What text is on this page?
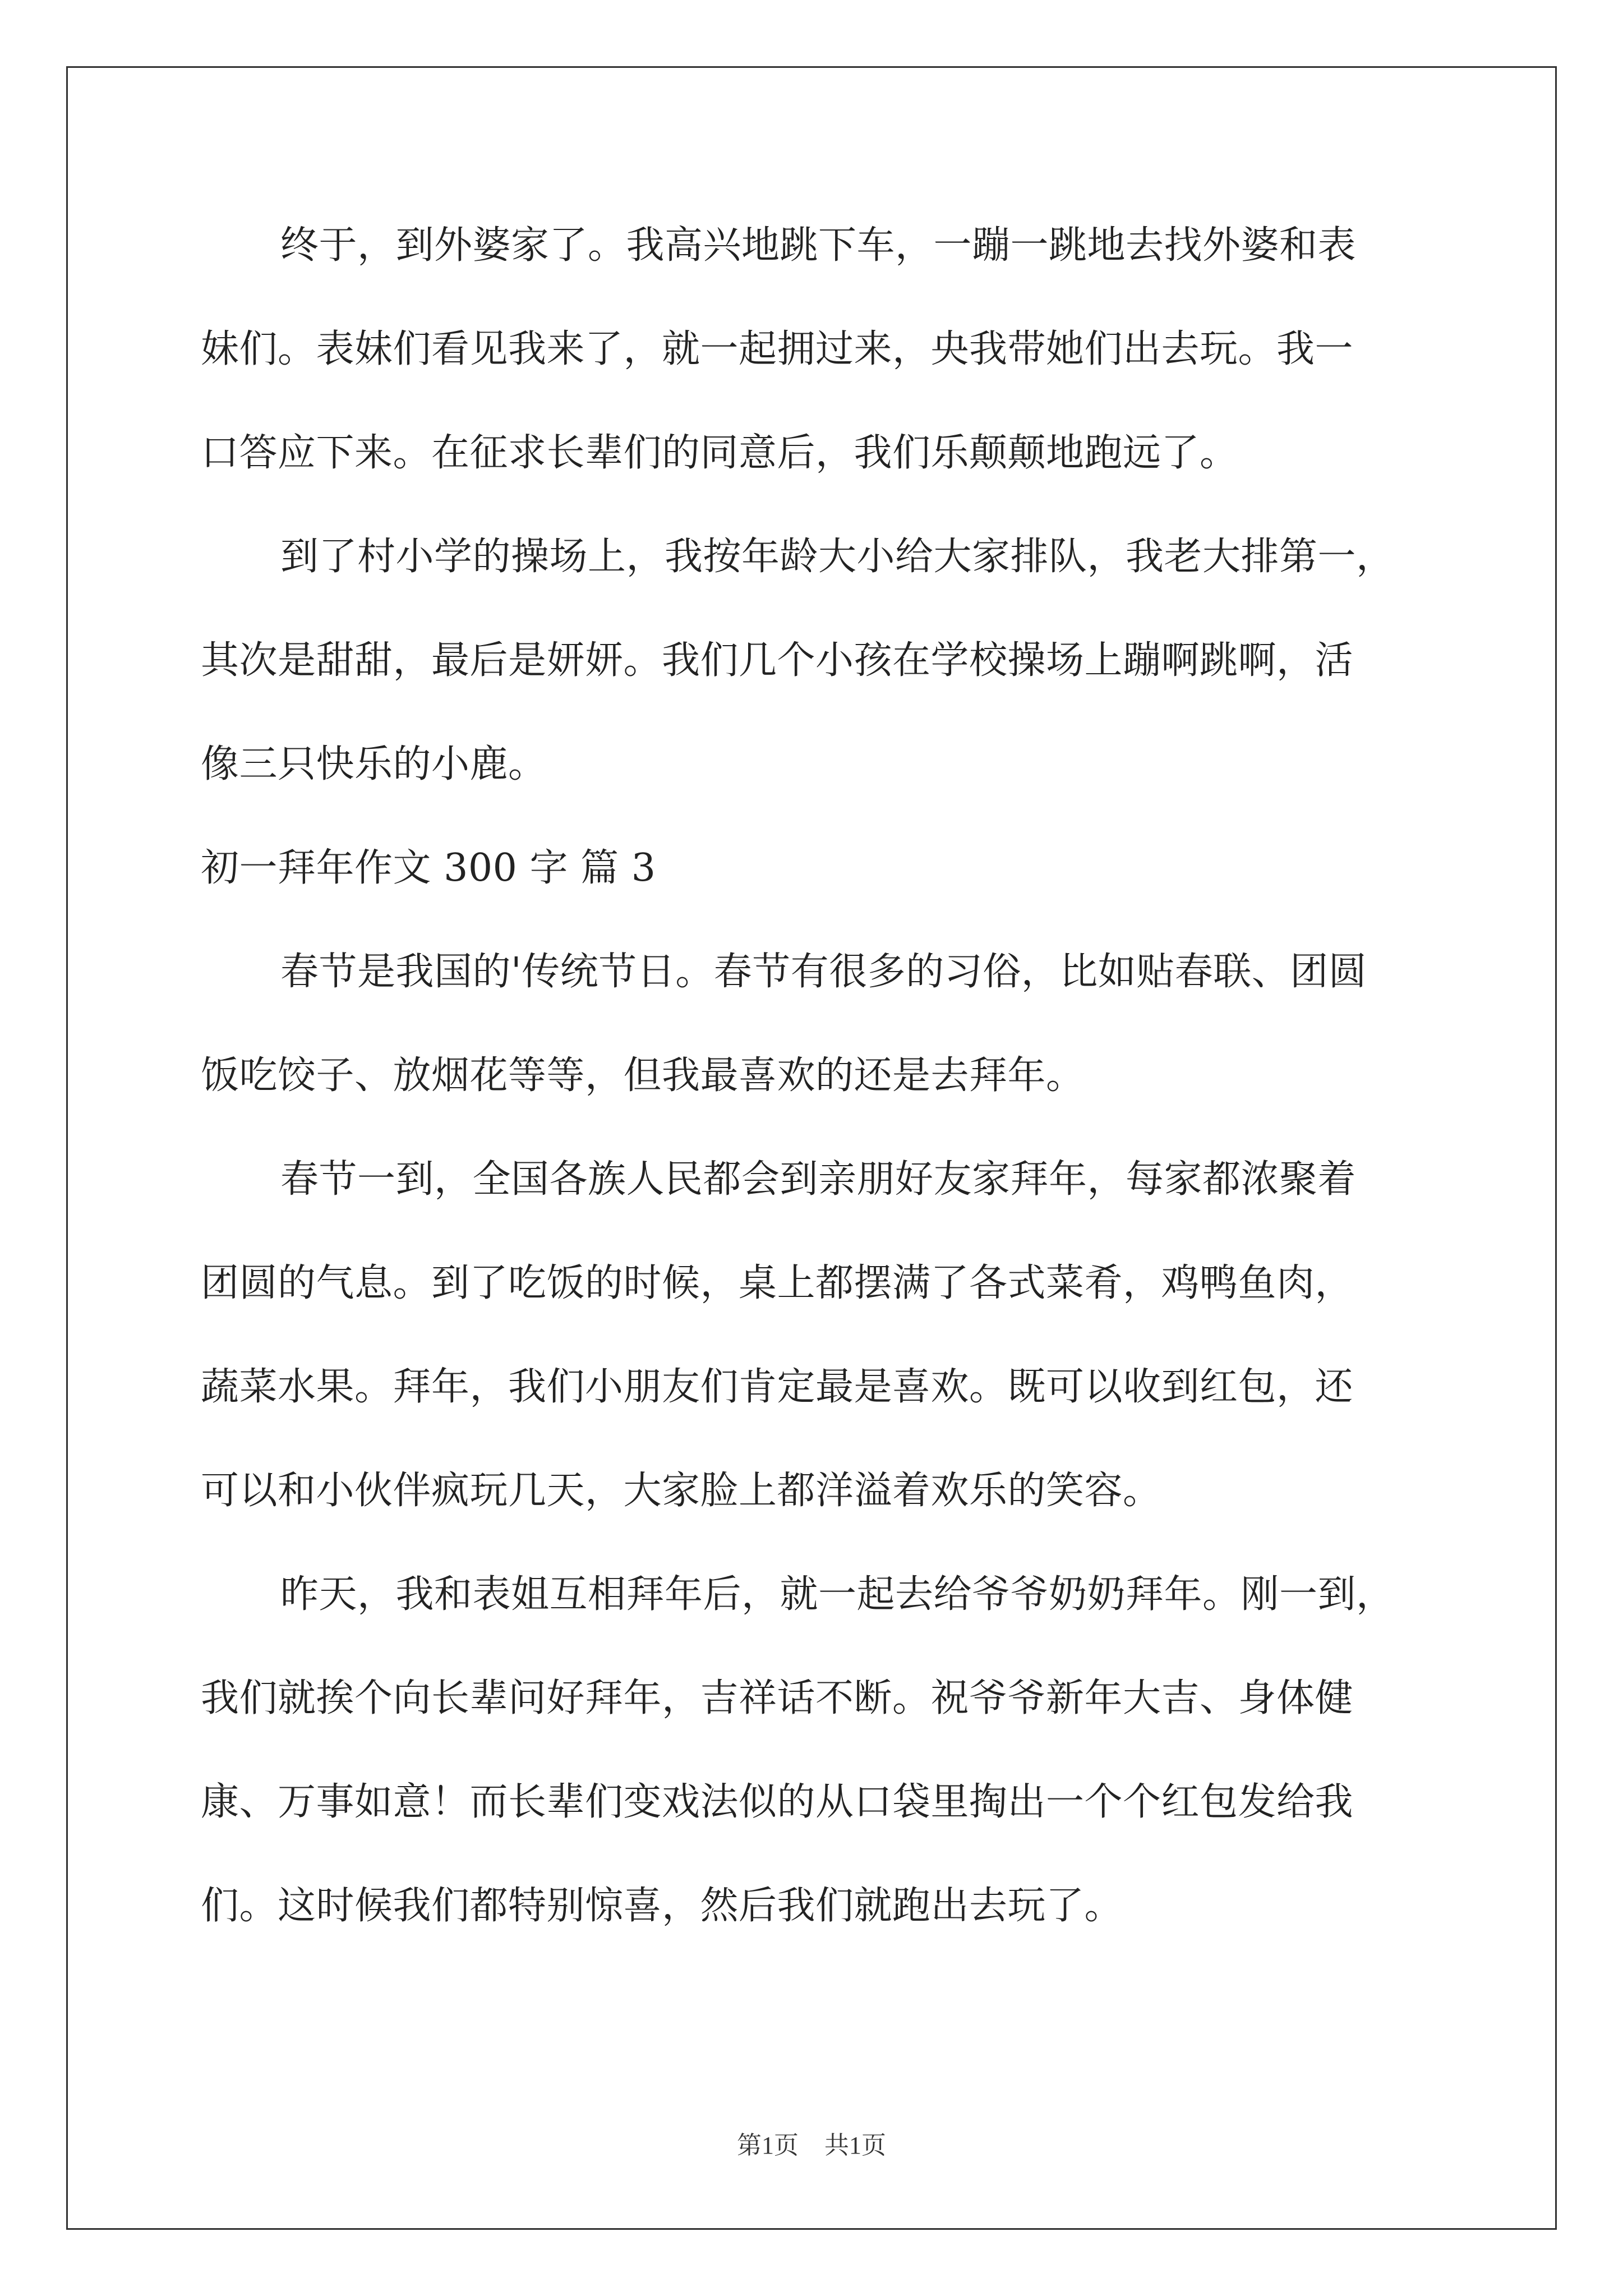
终于，到外婆家了。我高兴地跳下车，一蹦一跳地去找外婆和表
妹们。表妹们看见我来了，就一起拥过来，央我带她们出去玩。我一
口答应下来。在征求长辈们的同意后，我们乐颠颠地跑远了。
到了村小学的操场上，我按年龄大小给大家排队，我老大排第一，
其次是甜甜，最后是妍妍。我们几个小孩在学校操场上蹦啊跳啊，活
像三只快乐的小鹿。
初一拜年作文 300 字 篇 3
春节是我国的'传统节日。春节有很多的习俗，比如贴春联、团圆
饭吃饺子、放烟花等等，但我最喜欢的还是去拜年。
春节一到，全国各族人民都会到亲朋好友家拜年，每家都浓聚着
团圆的气息。到了吃饭的时候，桌上都摆满了各式菜肴，鸡鸭鱼肉，
蔬菜水果。拜年，我们小朋友们肯定最是喜欢。既可以收到红包，还
可以和小伙伴疯玩几天，大家脸上都洋溢着欢乐的笑容。
昨天，我和表姐互相拜年后，就一起去给爷爷奶奶拜年。刚一到，
我们就挨个向长辈问好拜年，吉祥话不断。祝爷爷新年大吉、身体健
康、万事如意！而长辈们变戏法似的从口袋里掏出一个个红包发给我
们。这时候我们都特别惊喜，然后我们就跑出去玩了。
第1页 共1页
